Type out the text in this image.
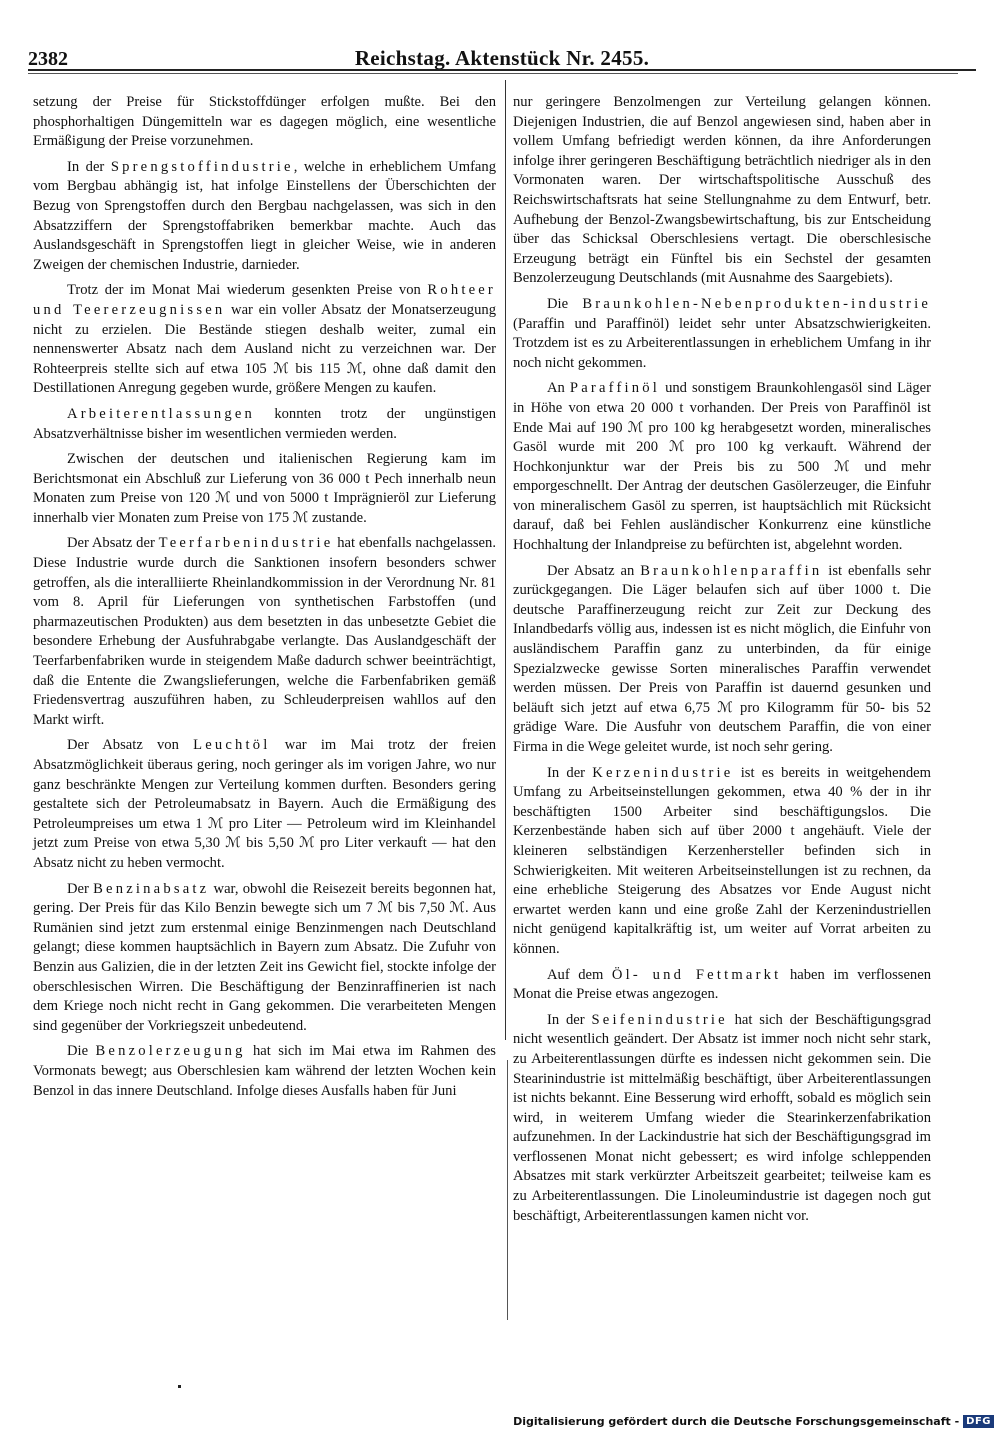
2382	Reichstag. Aktenstück Nr. 2455.

setzung der Preise für Stickstoffdünger erfolgen mußte. Bei den phosphorhaltigen Düngemitteln war es dagegen möglich, eine wesentliche Ermäßigung der Preise vorzunehmen.

In der Sprengstoffindustrie, welche in erheblichem Umfang vom Bergbau abhängig ist, hat infolge Einstellens der Überschichten der Bezug von Sprengstoffen durch den Bergbau nachgelassen, was sich in den Absatzziffern der Sprengstoffabriken bemerkbar machte. Auch das Auslandsgeschäft in Sprengstoffen liegt in gleicher Weise, wie in anderen Zweigen der chemischen Industrie, darnieder.

Trotz der im Monat Mai wiederum gesenkten Preise von Rohteer und Teererzeugnissen war ein voller Absatz der Monatserzeugung nicht zu erzielen. Die Bestände stiegen deshalb weiter, zumal ein nennenswerter Absatz nach dem Ausland nicht zu verzeichnen war. Der Rohteerpreis stellte sich auf etwa 105 ℳ bis 115 ℳ, ohne daß damit den Destillationen Anregung gegeben wurde, größere Mengen zu kaufen.

Arbeiterentlassungen konnten trotz der ungünstigen Absatzverhältnisse bisher im wesentlichen vermieden werden.

Zwischen der deutschen und italienischen Regierung kam im Berichtsmonat ein Abschluß zur Lieferung von 36 000 t Pech innerhalb neun Monaten zum Preise von 120 ℳ und von 5000 t Imprägnieröl zur Lieferung innerhalb vier Monaten zum Preise von 175 ℳ zustande.

Der Absatz der Teerfarbenindustrie hat ebenfalls nachgelassen. Diese Industrie wurde durch die Sanktionen insofern besonders schwer getroffen, als die interalliierte Rheinlandkommission in der Verordnung Nr. 81 vom 8. April für Lieferungen von synthetischen Farbstoffen (und pharmazeutischen Produkten) aus dem besetzten in das unbesetzte Gebiet die besondere Erhebung der Ausfuhrabgabe verlangte. Das Auslandgeschäft der Teerfarbenfabriken wurde in steigendem Maße dadurch schwer beeinträchtigt, daß die Entente die Zwangslieferungen, welche die Farbenfabriken gemäß Friedensvertrag auszuführen haben, zu Schleuderpreisen wahllos auf den Markt wirft.

Der Absatz von Leuchtöl war im Mai trotz der freien Absatzmöglichkeit überaus gering, noch geringer als im vorigen Jahre, wo nur ganz beschränkte Mengen zur Verteilung kommen durften. Besonders gering gestaltete sich der Petroleumabsatz in Bayern. Auch die Ermäßigung des Petroleumpreises um etwa 1 ℳ pro Liter — Petroleum wird im Kleinhandel jetzt zum Preise von etwa 5,30 ℳ bis 5,50 ℳ pro Liter verkauft — hat den Absatz nicht zu heben vermocht.

Der Benzinabsatz war, obwohl die Reisezeit bereits begonnen hat, gering. Der Preis für das Kilo Benzin bewegte sich um 7 ℳ bis 7,50 ℳ. Aus Rumänien sind jetzt zum erstenmal einige Benzinmengen nach Deutschland gelangt; diese kommen hauptsächlich in Bayern zum Absatz. Die Zufuhr von Benzin aus Galizien, die in der letzten Zeit ins Gewicht fiel, stockte infolge der oberschlesischen Wirren. Die Beschäftigung der Benzinraffinerien ist nach dem Kriege noch nicht recht in Gang gekommen. Die verarbeiteten Mengen sind gegenüber der Vorkriegszeit unbedeutend.

Die Benzolerzeugung hat sich im Mai etwa im Rahmen des Vormonats bewegt; aus Oberschlesien kam während der letzten Wochen kein Benzol in das innere Deutschland. Infolge dieses Ausfalls haben für Juni

nur geringere Benzolmengen zur Verteilung gelangen können. Diejenigen Industrien, die auf Benzol angewiesen sind, haben aber in vollem Umfang befriedigt werden können, da ihre Anforderungen infolge ihrer geringeren Beschäftigung beträchtlich niedriger als in den Vormonaten waren. Der wirtschaftspolitische Ausschuß des Reichswirtschaftsrats hat seine Stellungnahme zu dem Entwurf, betr. Aufhebung der Benzol-Zwangsbewirtschaftung, bis zur Entscheidung über das Schicksal Oberschlesiens vertagt. Die oberschlesische Erzeugung beträgt ein Fünftel bis ein Sechstel der gesamten Benzolerzeugung Deutschlands (mit Ausnahme des Saargebiets).

Die Braunkohlen-Nebenprodukten-industrie (Paraffin und Paraffinöl) leidet sehr unter Absatzschwierigkeiten. Trotzdem ist es zu Arbeiterentlassungen in erheblichem Umfang in ihr noch nicht gekommen.

An Paraffinöl und sonstigem Braunkohlengasöl sind Läger in Höhe von etwa 20 000 t vorhanden. Der Preis von Paraffinöl ist Ende Mai auf 190 ℳ pro 100 kg herabgesetzt worden, mineralisches Gasöl wurde mit 200 ℳ pro 100 kg verkauft. Während der Hochkonjunktur war der Preis bis zu 500 ℳ und mehr emporgeschnellt. Der Antrag der deutschen Gasölerzeuger, die Einfuhr von mineralischem Gasöl zu sperren, ist hauptsächlich mit Rücksicht darauf, daß bei Fehlen ausländischer Konkurrenz eine künstliche Hochhaltung der Inlandpreise zu befürchten ist, abgelehnt worden.

Der Absatz an Braunkohlenparaffin ist ebenfalls sehr zurückgegangen. Die Läger belaufen sich auf über 1000 t. Die deutsche Paraffinerzeugung reicht zur Zeit zur Deckung des Inlandbedarfs völlig aus, indessen ist es nicht möglich, die Einfuhr von ausländischem Paraffin ganz zu unterbinden, da für einige Spezialzwecke gewisse Sorten mineralisches Paraffin verwendet werden müssen. Der Preis von Paraffin ist dauernd gesunken und beläuft sich jetzt auf etwa 6,75 ℳ pro Kilogramm für 50- bis 52 grädige Ware. Die Ausfuhr von deutschem Paraffin, die von einer Firma in die Wege geleitet wurde, ist noch sehr gering.

In der Kerzenindustrie ist es bereits in weitgehendem Umfang zu Arbeitseinstellungen gekommen, etwa 40 % der in ihr beschäftigten 1500 Arbeiter sind beschäftigungslos. Die Kerzenbestände haben sich auf über 2000 t angehäuft. Viele der kleineren selbständigen Kerzenhersteller befinden sich in Schwierigkeiten. Mit weiteren Arbeitseinstellungen ist zu rechnen, da eine erhebliche Steigerung des Absatzes vor Ende August nicht erwartet werden kann und eine große Zahl der Kerzenindustriellen nicht genügend kapitalkräftig ist, um weiter auf Vorrat arbeiten zu können.

Auf dem Öl- und Fettmarkt haben im verflossenen Monat die Preise etwas angezogen.

In der Seifenindustrie hat sich der Beschäftigungsgrad nicht wesentlich geändert. Der Absatz ist immer noch nicht sehr stark, zu Arbeiterentlassungen dürfte es indessen nicht gekommen sein. Die Stearinindustrie ist mittelmäßig beschäftigt, über Arbeiterentlassungen ist nichts bekannt. Eine Besserung wird erhofft, sobald es möglich sein wird, in weiterem Umfang wieder die Stearinkerzenfabrikation aufzunehmen. In der Lackindustrie hat sich der Beschäftigungsgrad im verflossenen Monat nicht gebessert; es wird infolge schleppenden Absatzes mit stark verkürzter Arbeitszeit gearbeitet; teilweise kam es zu Arbeiterentlassungen. Die Linoleumindustrie ist dagegen noch gut beschäftigt, Arbeiterentlassungen kamen nicht vor.

Digitalisierung gefördert durch die Deutsche Forschungsgemeinschaft - DFG
